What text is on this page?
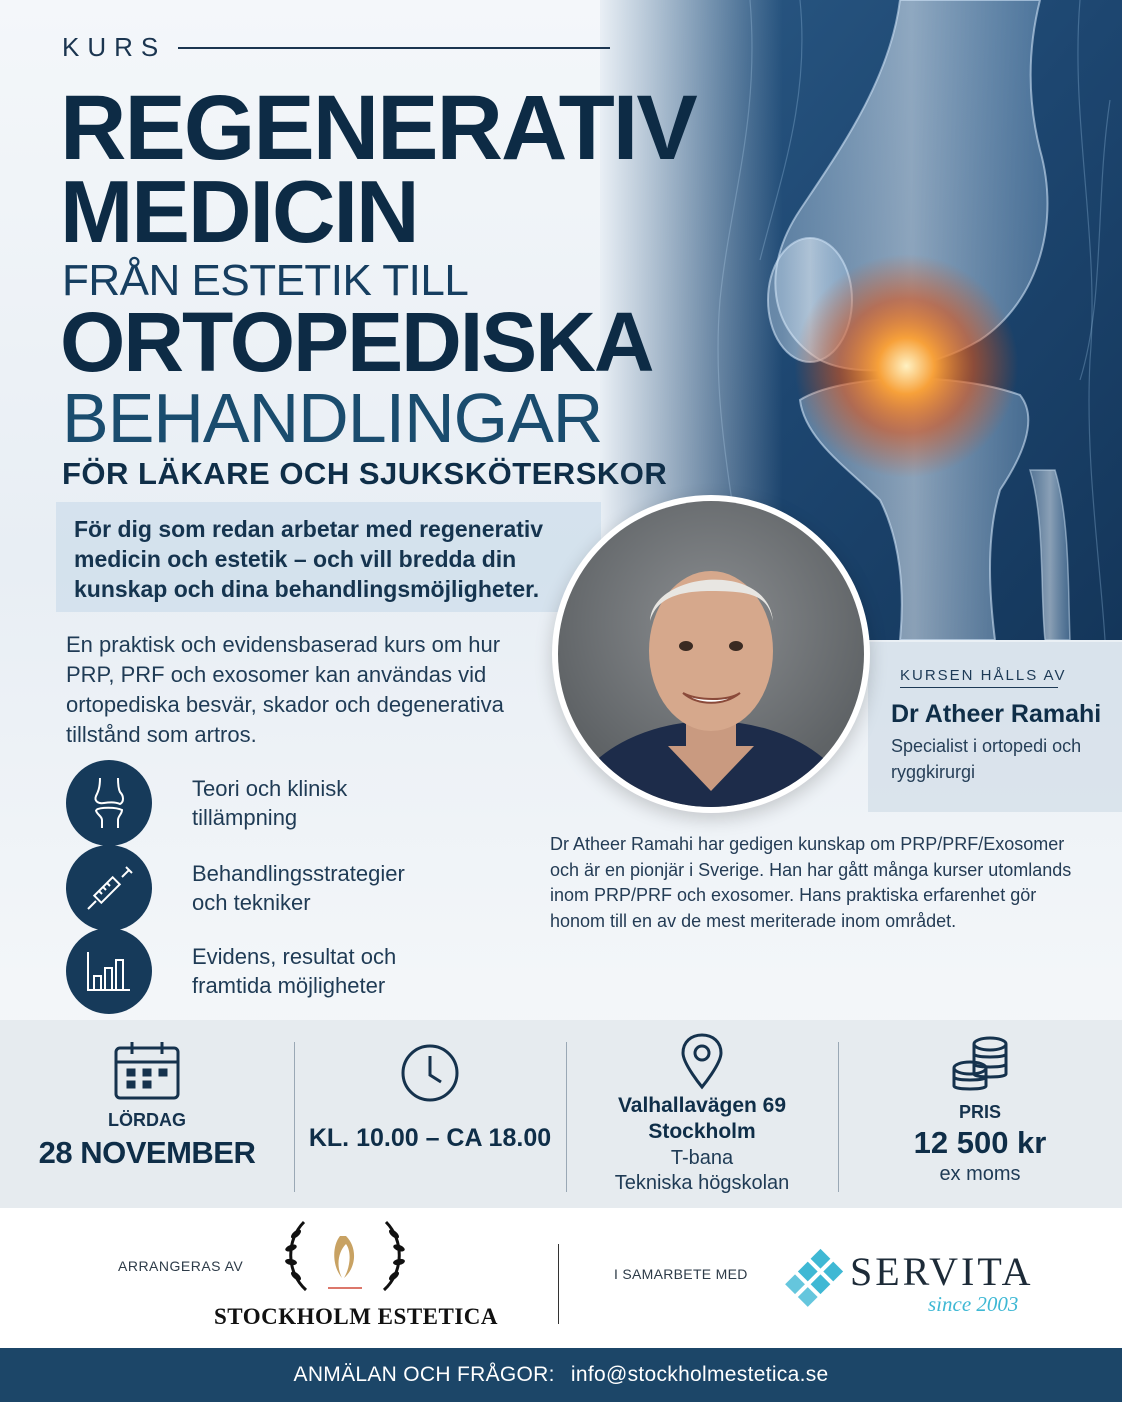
KURS
REGENERATIV
MEDICIN
FRÅN ESTETIK TILL
ORTOPEDISKA
BEHANDLINGAR
FÖR LÄKARE OCH SJUKSKÖTERSKOR

För dig som redan arbetar med regenerativ medicin och estetik – och vill bredda din kunskap och dina behandlingsmöjligheter.

En praktisk och evidensbaserad kurs om hur PRP, PRF och exosomer kan användas vid ortopediska besvär, skador och degenerativa tillstånd som artros.
Teori och klinisk tillämpning
Behandlingsstrategier och tekniker
Evidens, resultat och framtida möjligheter
KURSEN HÅLLS AV
Dr Atheer Ramahi
Specialist i ortopedi och ryggkirurgi
Dr Atheer Ramahi har gedigen kunskap om PRP/PRF/Exosomer och är en pionjär i Sverige. Han har gått många kurser utomlands inom PRP/PRF och exosomer. Hans praktiska erfarenhet gör honom till en av de mest meriterade inom området.
LÖRDAG
28 NOVEMBER	KL. 10.00 – CA 18.00
Valhallavägen 69
Stockholm
T-bana
Tekniska högskolan
PRIS
12 500 kr
ex moms
ARRANGERAS AV
STOCKHOLM ESTETICA
I SAMARBETE MED	SERVITA
since 2003
ANMÄLAN OCH FRÅGOR: info@stockholmestetica.se
